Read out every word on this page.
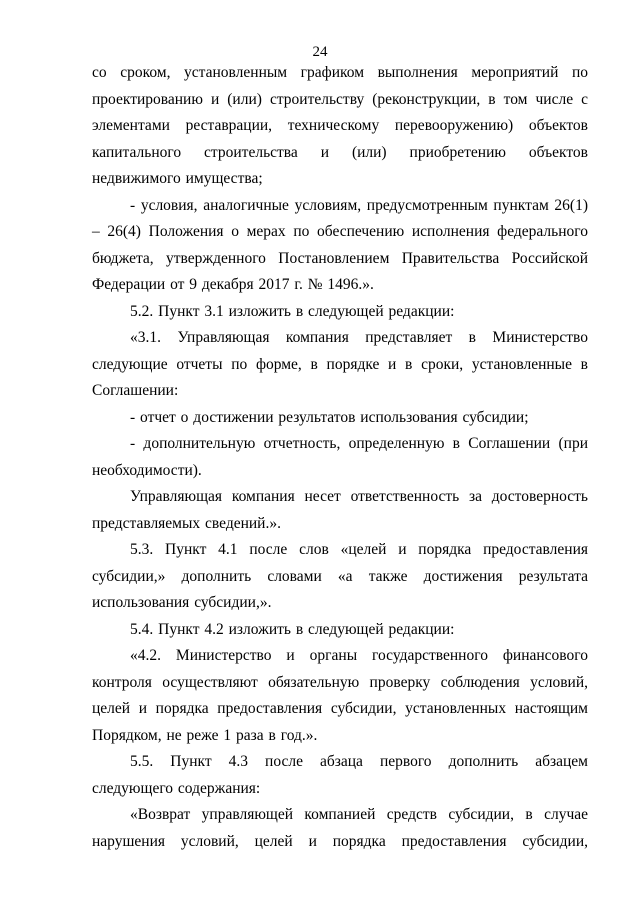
24

со сроком, установленным графиком выполнения мероприятий по проектированию и (или) строительству (реконструкции, в том числе с элементами реставрации, техническому перевооружению) объектов капитального строительства и (или) приобретению объектов недвижимого имущества;

- условия, аналогичные условиям, предусмотренным пунктам 26(1) – 26(4) Положения о мерах по обеспечению исполнения федерального бюджета, утвержденного Постановлением Правительства Российской Федерации от 9 декабря 2017 г. № 1496.».

5.2. Пункт 3.1 изложить в следующей редакции:

«3.1. Управляющая компания представляет в Министерство следующие отчеты по форме, в порядке и в сроки, установленные в Соглашении:

- отчет о достижении результатов использования субсидии;

- дополнительную отчетность, определенную в Соглашении (при необходимости).

Управляющая компания несет ответственность за достоверность представляемых сведений.».

5.3. Пункт 4.1 после слов «целей и порядка предоставления субсидии,» дополнить словами «а также достижения результата использования субсидии,».

5.4. Пункт 4.2 изложить в следующей редакции:

«4.2. Министерство и органы государственного финансового контроля осуществляют обязательную проверку соблюдения условий, целей и порядка предоставления субсидии, установленных настоящим Порядком, не реже 1 раза в год.».

5.5. Пункт 4.3 после абзаца первого дополнить абзацем следующего содержания:

«Возврат управляющей компанией средств субсидии, в случае нарушения условий, целей и порядка предоставления субсидии,
